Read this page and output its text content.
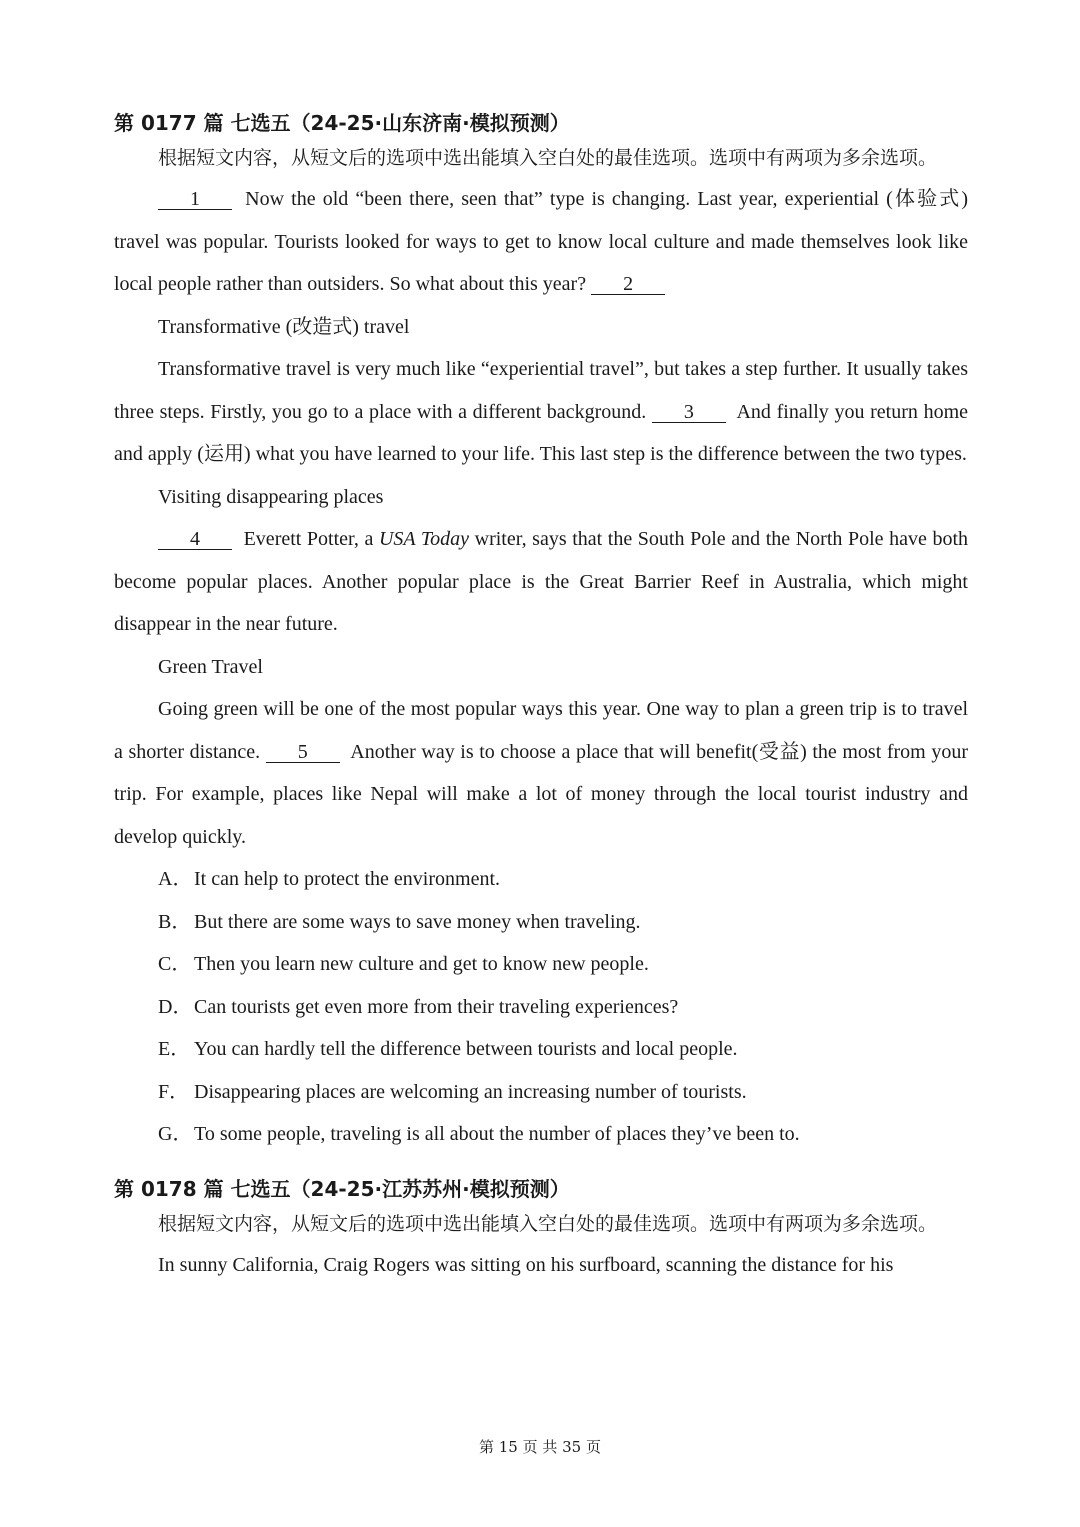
第 0177 篇 七选五（24-25·山东济南·模拟预测）

根据短文内容，从短文后的选项中选出能填入空白处的最佳选项。选项中有两项为多余选项。

1 Now the old “been there, seen that” type is changing. Last year, experiential (体验式) travel was popular. Tourists looked for ways to get to know local culture and made themselves look like local people rather than outsiders. So what about this year? 2

Transformative (改造式) travel

Transformative travel is very much like “experiential travel”, but takes a step further. It usually takes three steps. Firstly, you go to a place with a different background. 3 And finally you return home and apply (运用) what you have learned to your life. This last step is the difference between the two types.

Visiting disappearing places

4 Everett Potter, a USA Today writer, says that the South Pole and the North Pole have both become popular places. Another popular place is the Great Barrier Reef in Australia, which might disappear in the near future.

Green Travel

Going green will be one of the most popular ways this year. One way to plan a green trip is to travel a shorter distance. 5 Another way is to choose a place that will benefit(受益) the most from your trip. For example, places like Nepal will make a lot of money through the local tourist industry and develop quickly.

A．It can help to protect the environment.
B． But there are some ways to save money when traveling.
C． Then you learn new culture and get to know new people.
D．Can tourists get even more from their traveling experiences?
E． You can hardly tell the difference between tourists and local people.
F． Disappearing places are welcoming an increasing number of tourists.
G．To some people, traveling is all about the number of places they’ve been to.

第 0178 篇 七选五（24-25·江苏苏州·模拟预测）

根据短文内容，从短文后的选项中选出能填入空白处的最佳选项。选项中有两项为多余选项。

In sunny California, Craig Rogers was sitting on his surfboard, scanning the distance for his

第 15 页 共 35 页
